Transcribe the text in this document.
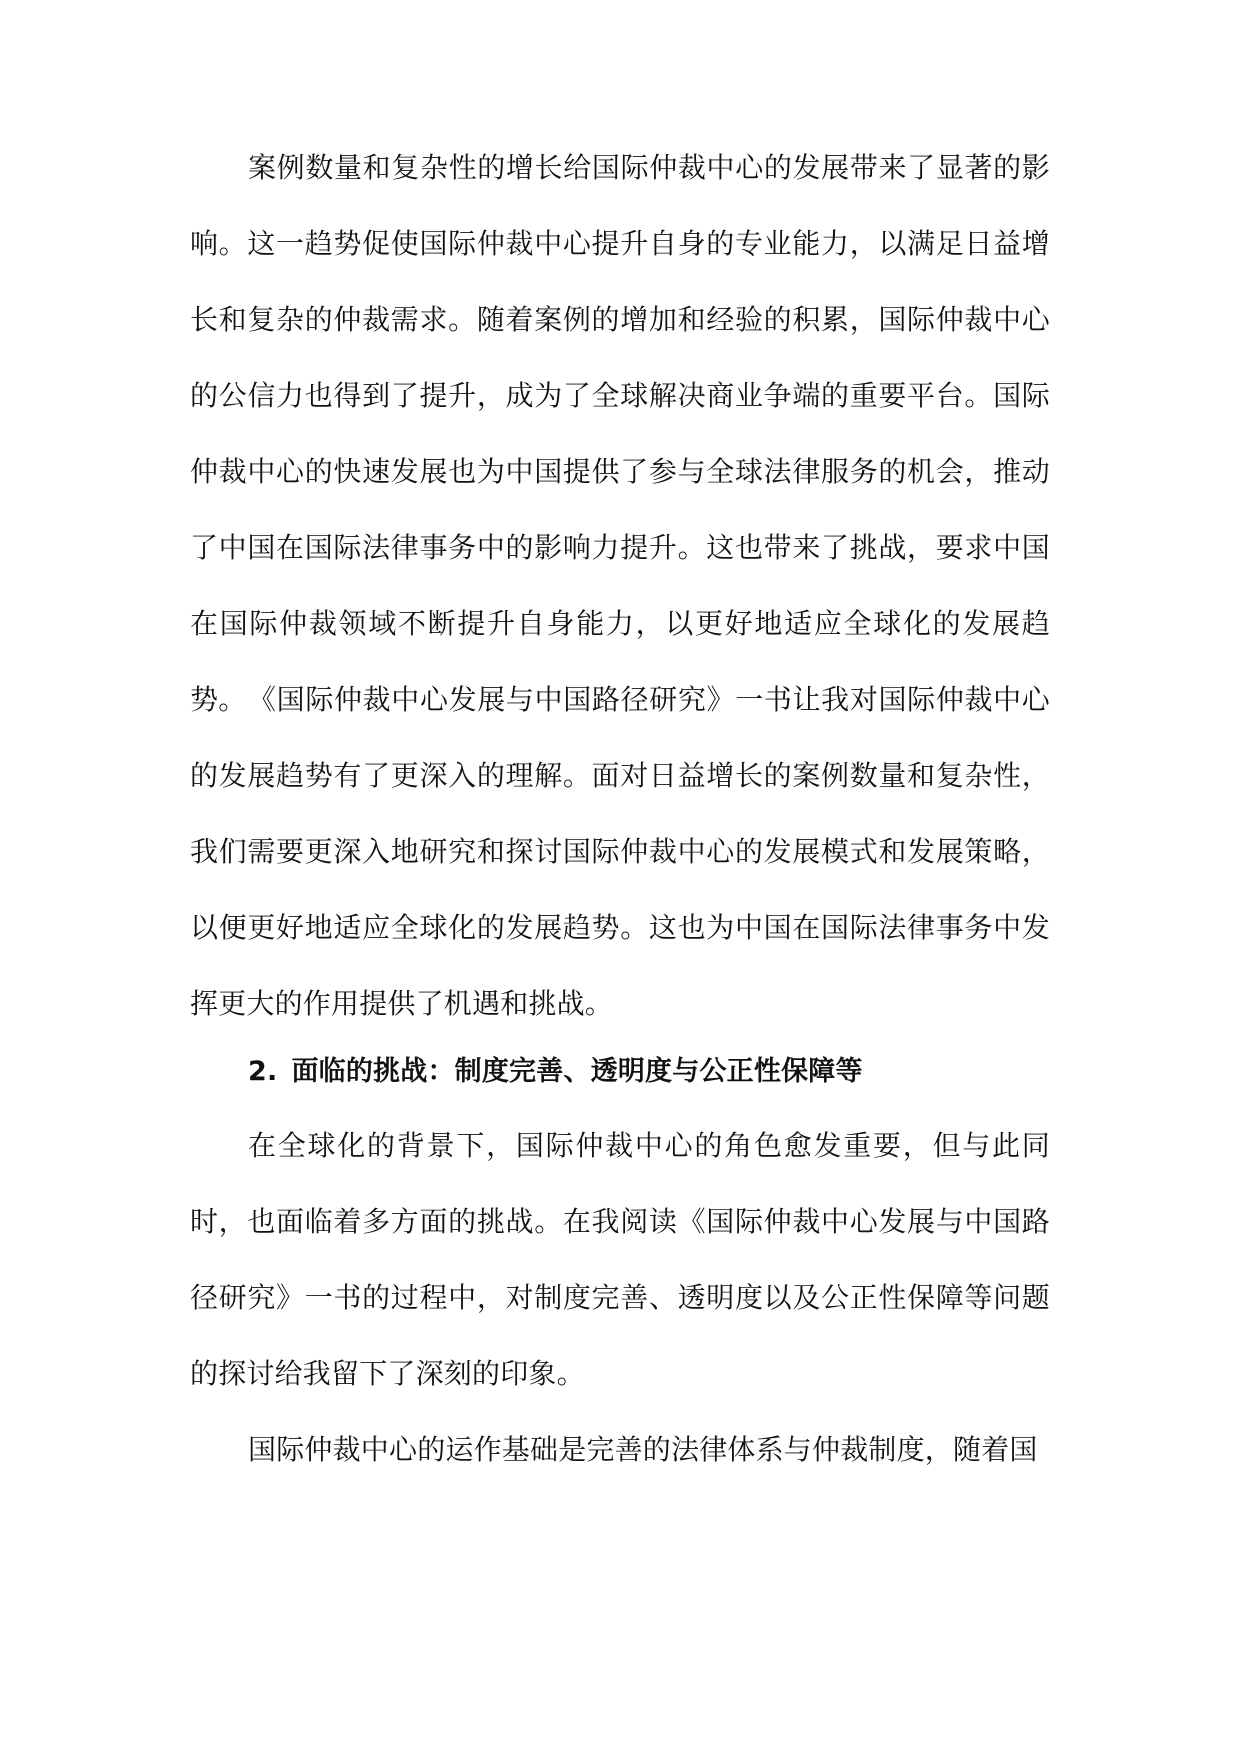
案例数量和复杂性的增长给国际仲裁中心的发展带来了显著的影响。这一趋势促使国际仲裁中心提升自身的专业能力，以满足日益增长和复杂的仲裁需求。随着案例的增加和经验的积累，国际仲裁中心的公信力也得到了提升，成为了全球解决商业争端的重要平台。国际仲裁中心的快速发展也为中国提供了参与全球法律服务的机会，推动了中国在国际法律事务中的影响力提升。这也带来了挑战，要求中国在国际仲裁领域不断提升自身能力，以更好地适应全球化的发展趋势。 《国际仲裁中心发展与中国路径研究》一书让我对国际仲裁中心的发展趋势有了更深入的理解。面对日益增长的案例数量和复杂性，我们需要更深入地研究和探讨国际仲裁中心的发展模式和发展策略，以便更好地适应全球化的发展趋势。这也为中国在国际法律事务中发挥更大的作用提供了机遇和挑战。

2. 面临的挑战：制度完善、透明度与公正性保障等

在全球化的背景下，国际仲裁中心的角色愈发重要，但与此同时，也面临着多方面的挑战。在我阅读《国际仲裁中心发展与中国路径研究》一书的过程中，对制度完善、透明度以及公正性保障等问题的探讨给我留下了深刻的印象。

国际仲裁中心的运作基础是完善的法律体系与仲裁制度，随着国
